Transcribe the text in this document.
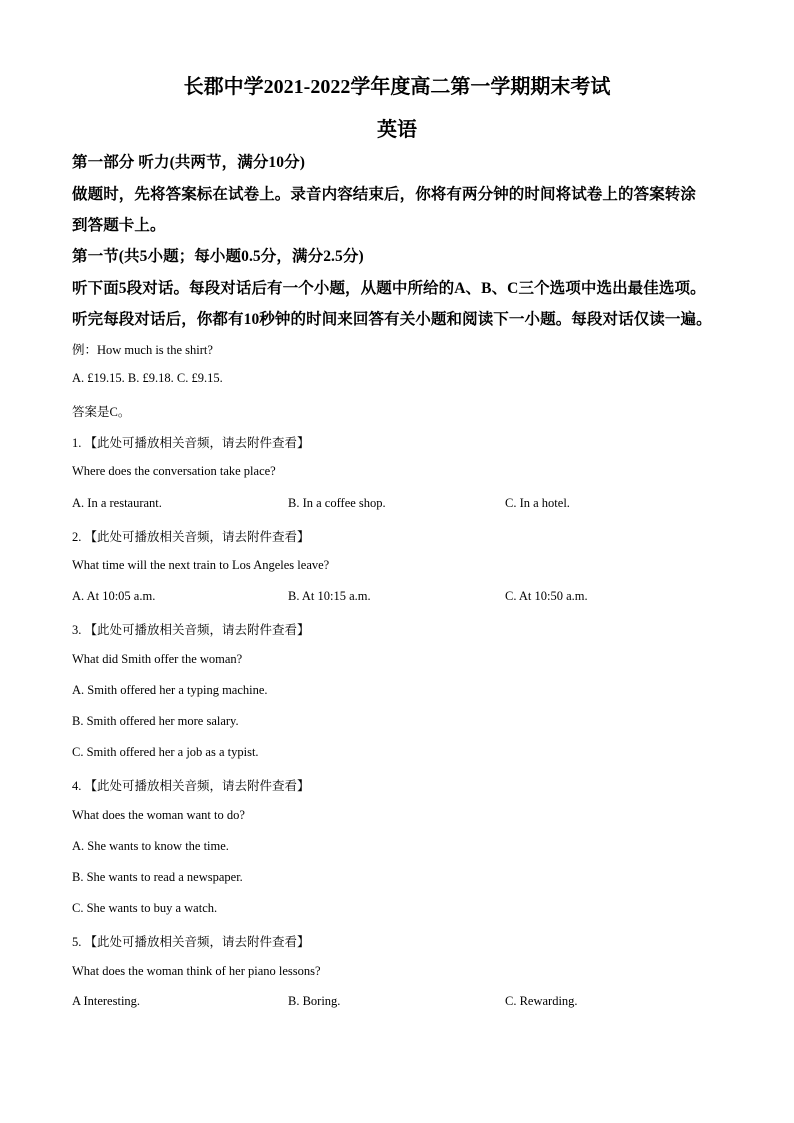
长郡中学2021-2022学年度高二第一学期期末考试
英语
第一部分 听力(共两节，满分10分)
做题时，先将答案标在试卷上。录音内容结束后，你将有两分钟的时间将试卷上的答案转涂
到答题卡上。
第一节(共5小题；每小题0.5分，满分2.5分)
听下面5段对话。每段对话后有一个小题，从题中所给的A、B、C三个选项中选出最佳选项。
听完每段对话后，你都有10秒钟的时间来回答有关小题和阅读下一小题。每段对话仅读一遍。
例：How much is the shirt?
A. £19.15. B. £9.18. C. £9.15.
答案是C。
1. 【此处可播放相关音频，请去附件查看】
Where does the conversation take place?
A. In a restaurant.	B. In a coffee shop.	C. In a hotel.
2. 【此处可播放相关音频，请去附件查看】
What time will the next train to Los Angeles leave?
A. At 10:05 a.m.	B. At 10:15 a.m.	C. At 10:50 a.m.
3. 【此处可播放相关音频，请去附件查看】
What did Smith offer the woman?
A. Smith offered her a typing machine.
B. Smith offered her more salary.
C. Smith offered her a job as a typist.
4. 【此处可播放相关音频，请去附件查看】
What does the woman want to do?
A. She wants to know the time.
B. She wants to read a newspaper.
C. She wants to buy a watch.
5. 【此处可播放相关音频，请去附件查看】
What does the woman think of her piano lessons?
A Interesting.	B. Boring.	C. Rewarding.
